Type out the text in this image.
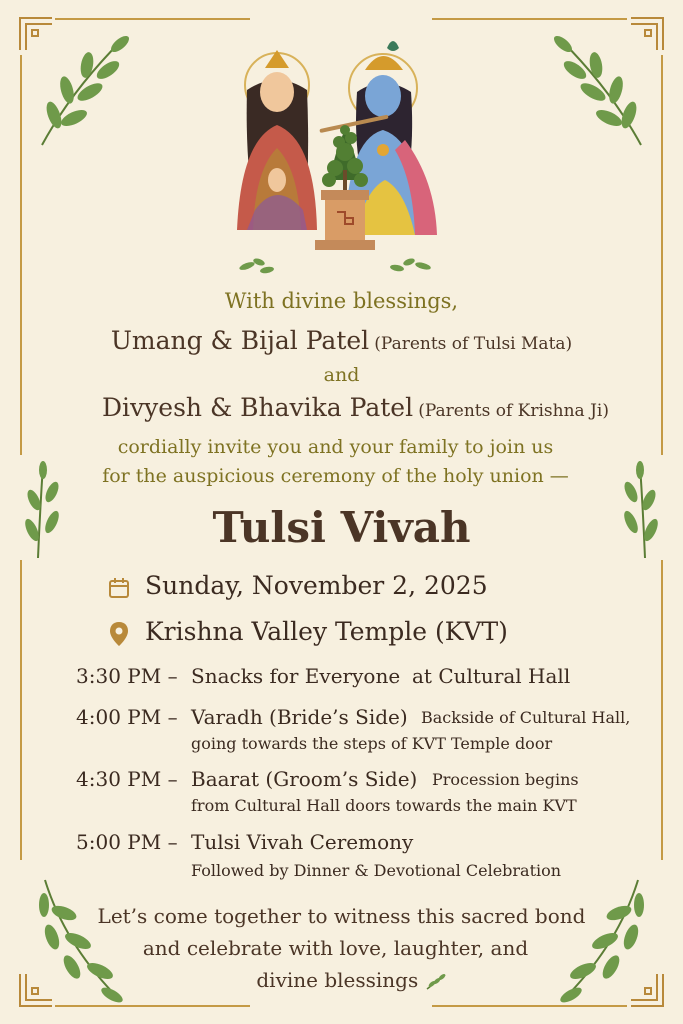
With divine blessings,
Umang & Bijal Patel (Parents of Tulsi Mata)
and
Divyesh & Bhavika Patel (Parents of Krishna Ji)
cordially invite you and your family to join us
for the auspicious ceremony of the holy union —
Tulsi Vivah
Sunday, November 2, 2025
Krishna Valley Temple (KVT)
3:30 PM – Snacks for Everyone at Cultural Hall
4:00 PM – Varadh (Bride’s Side) Backside of Cultural Hall,
going towards the steps of KVT Temple door
4:30 PM – Baarat (Groom’s Side) Procession begins
from Cultural Hall doors towards the main KVT
5:00 PM – Tulsi Vivah Ceremony
Followed by Dinner & Devotional Celebration
Let’s come together to witness this sacred bond
and celebrate with love, laughter, and
divine blessings
